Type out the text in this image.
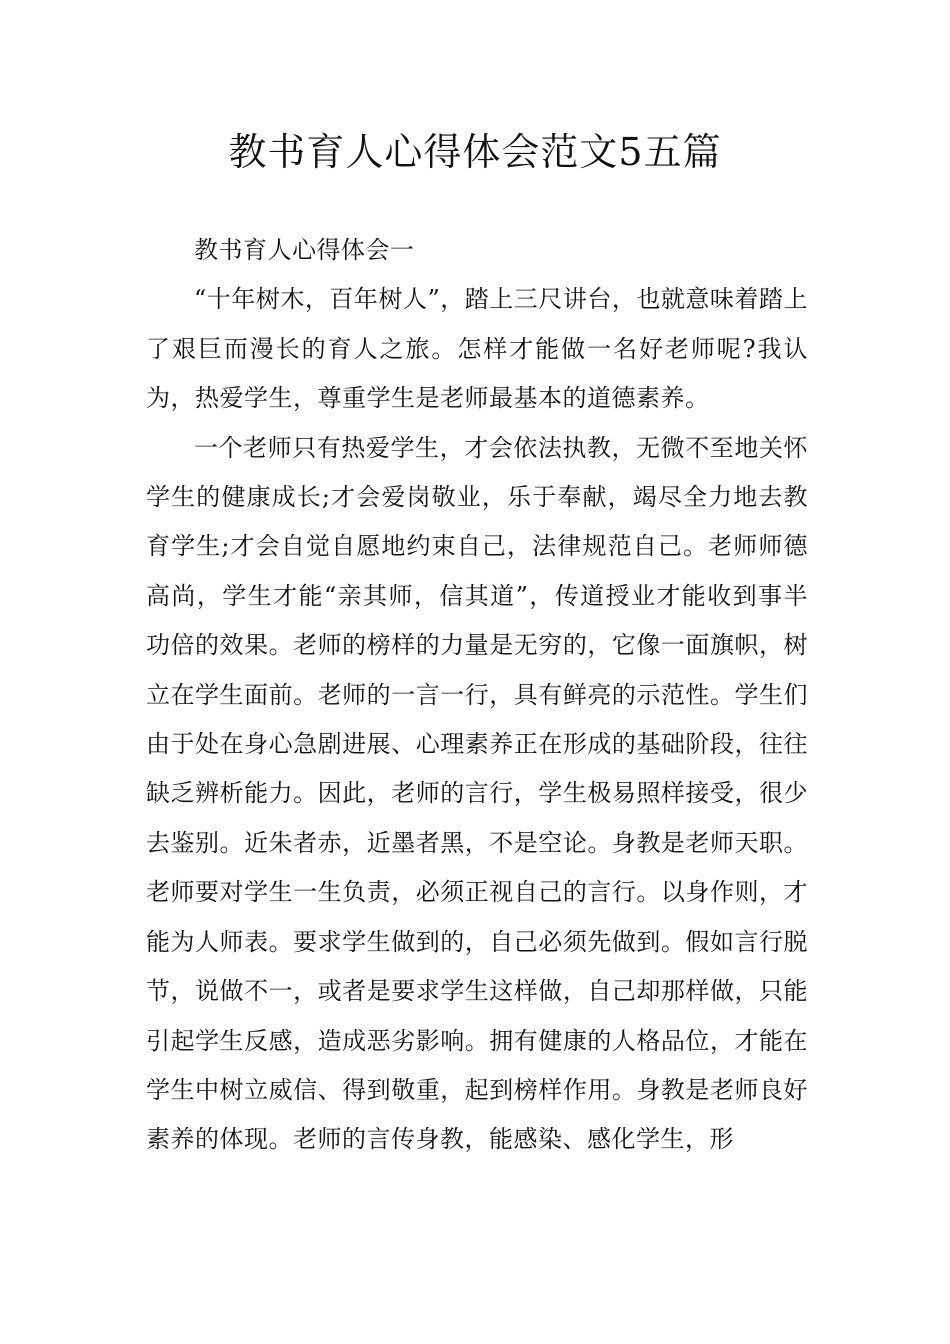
教书育人心得体会范文5五篇

教书育人心得体会一

“十年树木，百年树人”，踏上三尺讲台，也就意味着踏上了艰巨而漫长的育人之旅。怎样才能做一名好老师呢?我认为，热爱学生，尊重学生是老师最基本的道德素养。

一个老师只有热爱学生，才会依法执教，无微不至地关怀学生的健康成长;才会爱岗敬业，乐于奉献，竭尽全力地去教育学生;才会自觉自愿地约束自己，法律规范自己。老师师德高尚，学生才能“亲其师，信其道”，传道授业才能收到事半功倍的效果。老师的榜样的力量是无穷的，它像一面旗帜，树立在学生面前。老师的一言一行，具有鲜亮的示范性。学生们由于处在身心急剧进展、心理素养正在形成的基础阶段，往往缺乏辨析能力。因此，老师的言行，学生极易照样接受，很少去鉴别。近朱者赤，近墨者黑，不是空论。身教是老师天职。老师要对学生一生负责，必须正视自己的言行。以身作则，才能为人师表。要求学生做到的，自己必须先做到。假如言行脱节，说做不一，或者是要求学生这样做，自己却那样做，只能引起学生反感，造成恶劣影响。拥有健康的人格品位，才能在学生中树立威信、得到敬重，起到榜样作用。身教是老师良好素养的体现。老师的言传身教，能感染、感化学生，形
